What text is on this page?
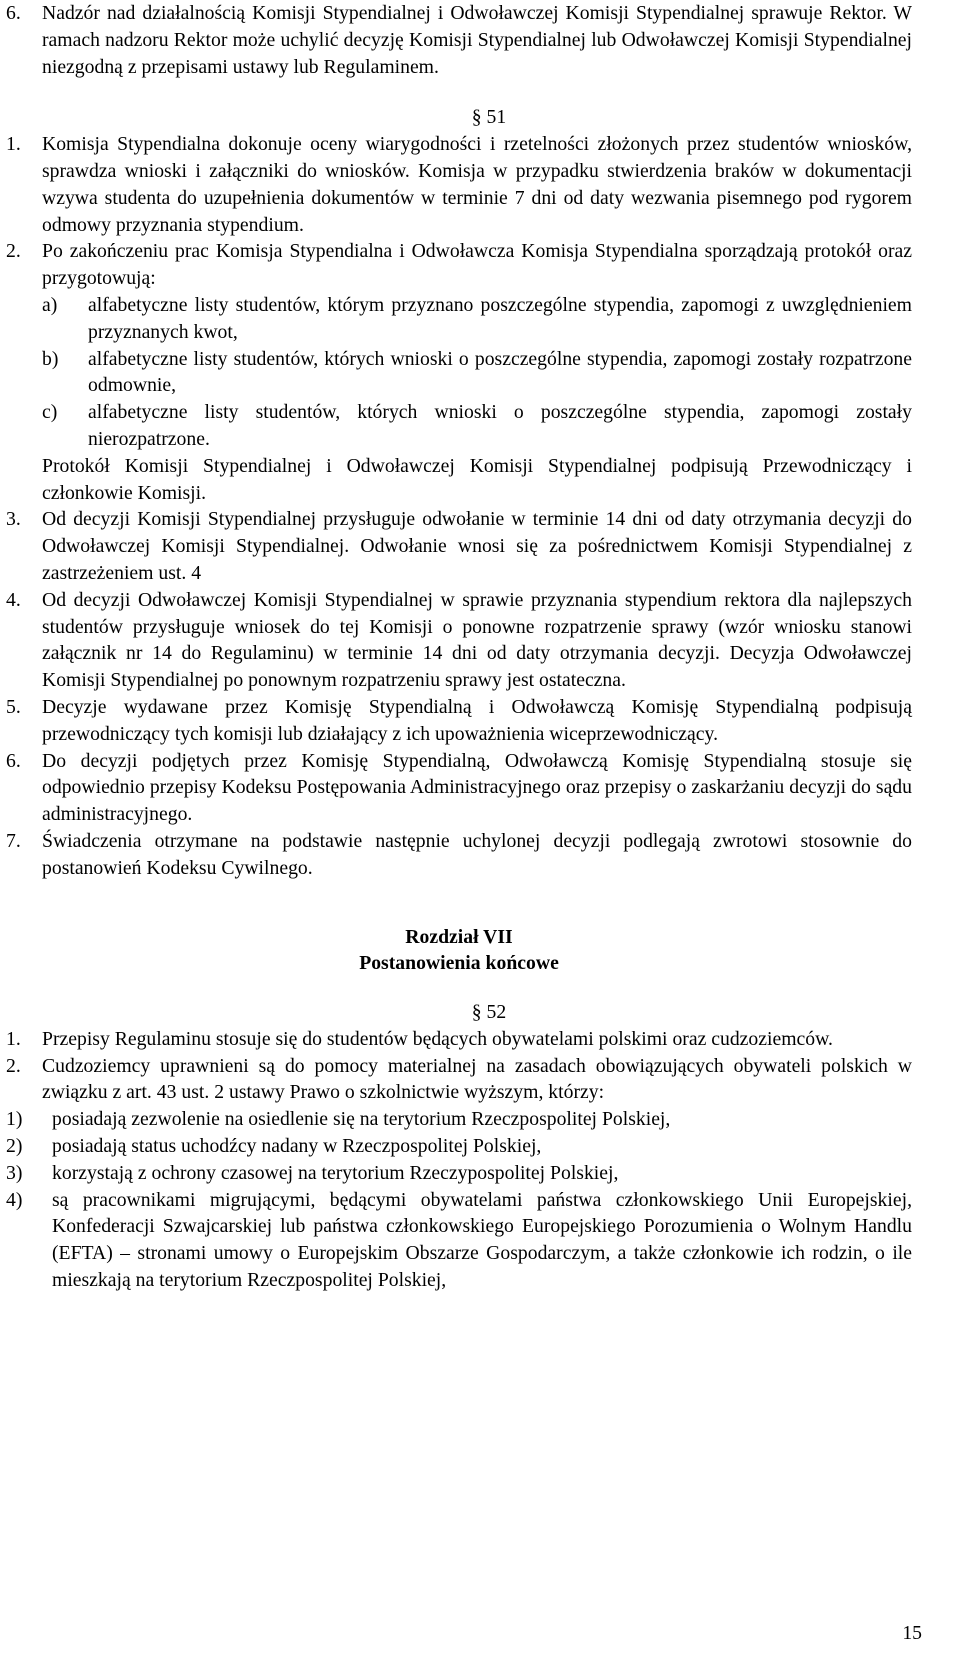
6.	Nadzór nad działalnością Komisji Stypendialnej i Odwoławczej Komisji Stypendialnej sprawuje Rektor. W ramach nadzoru Rektor może uchylić decyzję Komisji Stypendialnej lub Odwoławczej Komisji Stypendialnej niezgodną z przepisami ustawy lub Regulaminem.
§ 51
1.	Komisja Stypendialna dokonuje oceny wiarygodności i rzetelności złożonych przez studentów wniosków, sprawdza wnioski i załączniki do wniosków. Komisja w przypadku stwierdzenia braków w dokumentacji wzywa studenta do uzupełnienia dokumentów w terminie 7 dni od daty wezwania pisemnego pod rygorem odmowy przyznania stypendium.
2.	Po zakończeniu prac Komisja Stypendialna i Odwoławcza Komisja Stypendialna sporządzają protokół oraz przygotowują:
a)	alfabetyczne listy studentów, którym przyznano poszczególne stypendia, zapomogi z uwzględnieniem przyznanych kwot,
b)	alfabetyczne listy studentów, których wnioski o poszczególne stypendia, zapomogi zostały rozpatrzone odmownie,
c)	alfabetyczne listy studentów, których wnioski o poszczególne stypendia, zapomogi zostały nierozpatrzone.
Protokół Komisji Stypendialnej i Odwoławczej Komisji Stypendialnej podpisują Przewodniczący i członkowie Komisji.
3.	Od decyzji Komisji Stypendialnej przysługuje odwołanie w terminie 14 dni od daty otrzymania decyzji do Odwoławczej Komisji Stypendialnej. Odwołanie wnosi się za pośrednictwem Komisji Stypendialnej z zastrzeżeniem ust. 4
4.	Od decyzji Odwoławczej Komisji Stypendialnej w sprawie przyznania stypendium rektora dla najlepszych studentów przysługuje wniosek do tej Komisji o ponowne rozpatrzenie sprawy (wzór wniosku stanowi załącznik nr 14 do Regulaminu) w terminie 14 dni od daty otrzymania decyzji. Decyzja Odwoławczej Komisji Stypendialnej po ponownym rozpatrzeniu sprawy jest ostateczna.
5.	Decyzje wydawane przez Komisję Stypendialną i Odwoławczą Komisję Stypendialną podpisują przewodniczący tych komisji lub działający z ich upoważnienia wiceprzewodniczący.
6.	Do decyzji podjętych przez Komisję Stypendialną, Odwoławczą Komisję Stypendialną stosuje się odpowiednio przepisy Kodeksu Postępowania Administracyjnego oraz przepisy o zaskarżaniu decyzji do sądu administracyjnego.
7.	Świadczenia otrzymane na podstawie następnie uchylonej decyzji podlegają zwrotowi stosownie do postanowień Kodeksu Cywilnego.
Rozdział VII
Postanowienia końcowe
§ 52
1.	Przepisy Regulaminu stosuje się do studentów będących obywatelami polskimi oraz cudzoziemców.
2.	Cudzoziemcy uprawnieni są do pomocy materialnej na zasadach obowiązujących obywateli polskich w związku z art. 43 ust. 2 ustawy Prawo o szkolnictwie wyższym, którzy:
1)	posiadają zezwolenie na osiedlenie się na terytorium Rzeczpospolitej Polskiej,
2)	posiadają status uchodźcy nadany w Rzeczpospolitej Polskiej,
3)	korzystają z ochrony czasowej na terytorium Rzeczypospolitej Polskiej,
4)	są pracownikami migrującymi, będącymi obywatelami państwa członkowskiego Unii Europejskiej, Konfederacji Szwajcarskiej lub państwa członkowskiego Europejskiego Porozumienia o Wolnym Handlu (EFTA) – stronami umowy o Europejskim Obszarze Gospodarczym, a także członkowie ich rodzin, o ile mieszkają na terytorium Rzeczpospolitej Polskiej,
15
